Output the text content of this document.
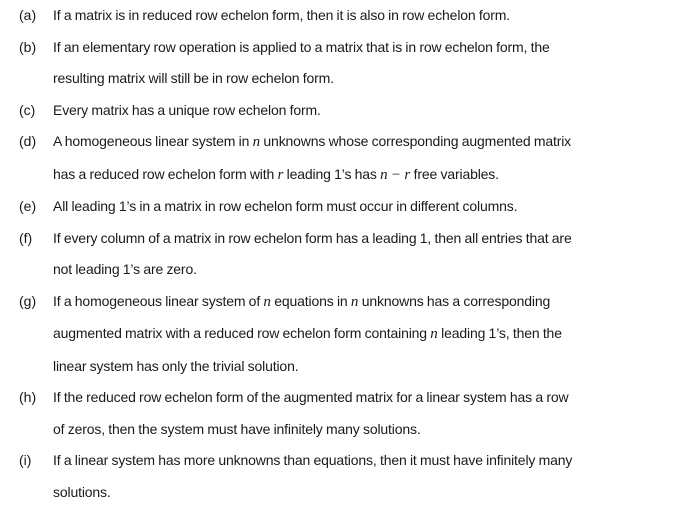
(a) If a matrix is in reduced row echelon form, then it is also in row echelon form.
(b) If an elementary row operation is applied to a matrix that is in row echelon form, the
resulting matrix will still be in row echelon form.
(c) Every matrix has a unique row echelon form.
(d) A homogeneous linear system in n unknowns whose corresponding augmented matrix
has a reduced row echelon form with r leading 1’s has n − r free variables.
(e) All leading 1’s in a matrix in row echelon form must occur in different columns.
(f) If every column of a matrix in row echelon form has a leading 1, then all entries that are
not leading 1’s are zero.
(g) If a homogeneous linear system of n equations in n unknowns has a corresponding
augmented matrix with a reduced row echelon form containing n leading 1’s, then the
linear system has only the trivial solution.
(h) If the reduced row echelon form of the augmented matrix for a linear system has a row
of zeros, then the system must have infinitely many solutions.
(i) If a linear system has more unknowns than equations, then it must have infinitely many
solutions.
